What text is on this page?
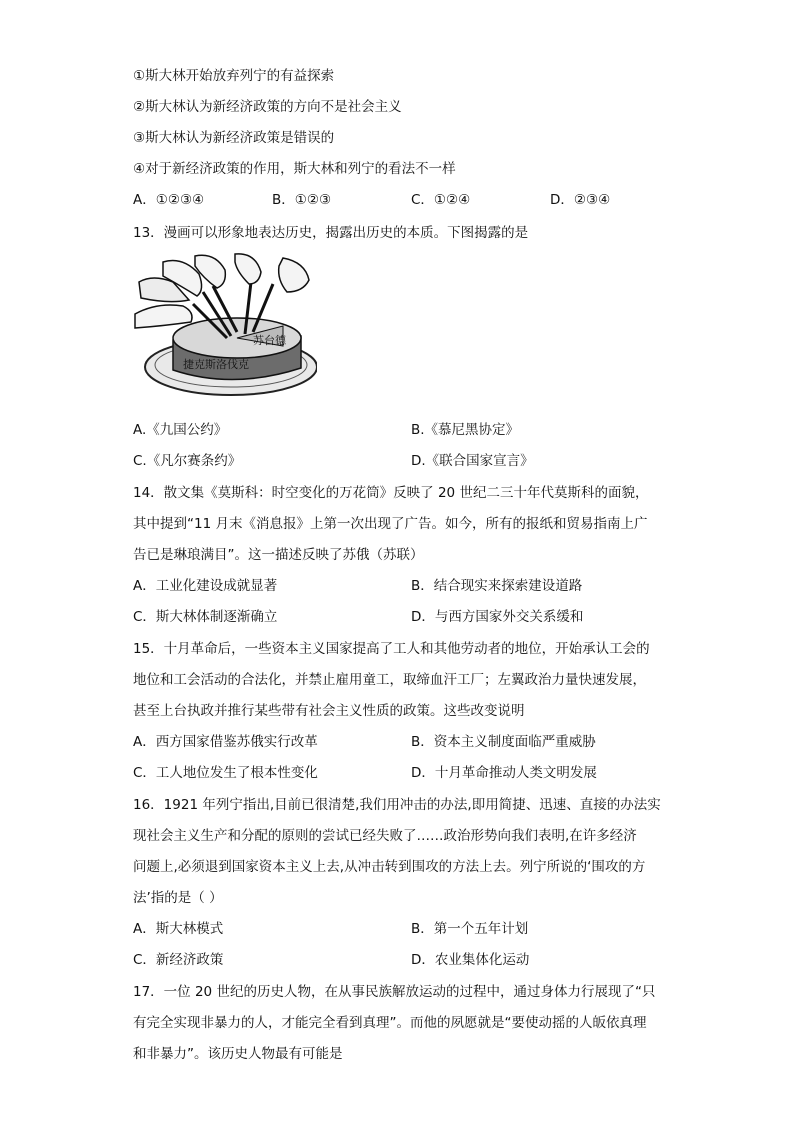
①斯大林开始放弃列宁的有益探索
②斯大林认为新经济政策的方向不是社会主义
③斯大林认为新经济政策是错误的
④对于新经济政策的作用，斯大林和列宁的看法不一样
A．①②③④	B．①②③	C．①②④	D．②③④
13．漫画可以形象地表达历史，揭露出历史的本质。下图揭露的是
苏台德
捷克斯洛伐克
A.《九国公约》	B.《慕尼黑协定》
C.《凡尔赛条约》	D.《联合国家宣言》
14．散文集《莫斯科：时空变化的万花筒》反映了 20 世纪二三十年代莫斯科的面貌，
其中提到“11 月末《消息报》上第一次出现了广告。如今，所有的报纸和贸易指南上广
告已是琳琅满目”。这一描述反映了苏俄（苏联）
A．工业化建设成就显著	B．结合现实来探索建设道路
C．斯大林体制逐渐确立	D．与西方国家外交关系缓和
15．十月革命后，一些资本主义国家提高了工人和其他劳动者的地位，开始承认工会的
地位和工会活动的合法化，并禁止雇用童工，取缔血汗工厂；左翼政治力量快速发展，
甚至上台执政并推行某些带有社会主义性质的政策。这些改变说明
A．西方国家借鉴苏俄实行改革	B．资本主义制度面临严重威胁
C．工人地位发生了根本性变化	D．十月革命推动人类文明发展
16．1921 年列宁指出,目前已很清楚,我们用冲击的办法,即用简捷、迅速、直接的办法实
现社会主义生产和分配的原则的尝试已经失败了……政治形势向我们表明,在许多经济
问题上,必须退到国家资本主义上去,从冲击转到围攻的方法上去。列宁所说的‘围攻的方
法’指的是（ ）
A．斯大林模式	B．第一个五年计划
C．新经济政策	D．农业集体化运动
17．一位 20 世纪的历史人物，在从事民族解放运动的过程中，通过身体力行展现了“只
有完全实现非暴力的人，才能完全看到真理”。而他的夙愿就是“要使动摇的人皈依真理
和非暴力”。该历史人物最有可能是
